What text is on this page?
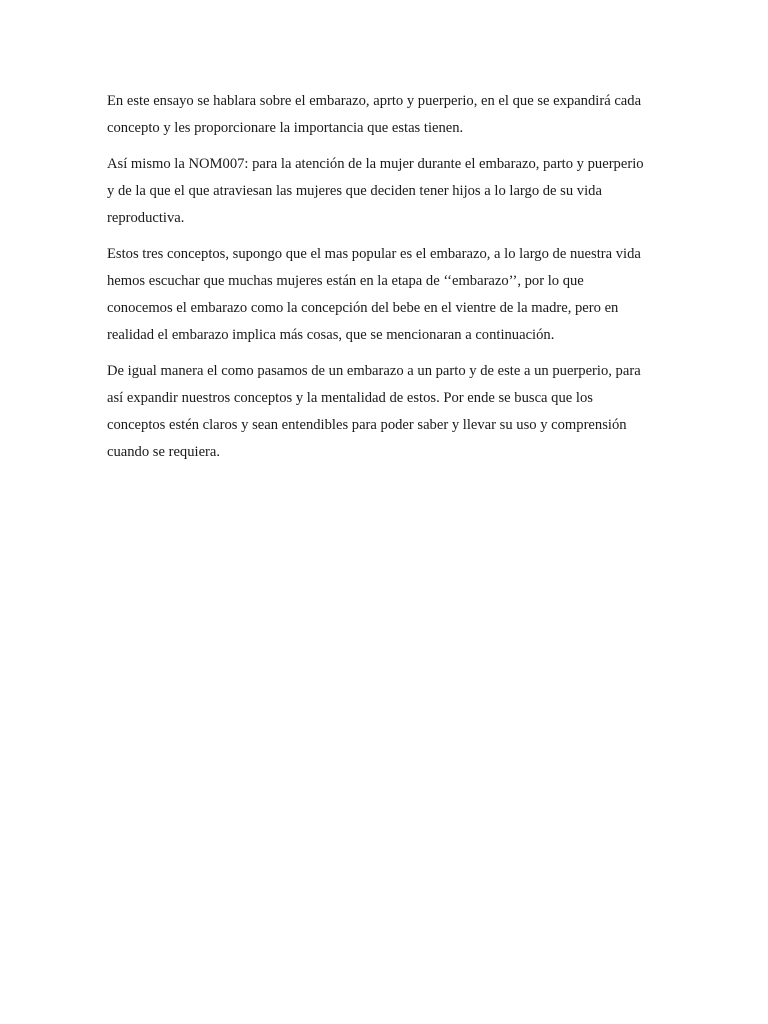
En este ensayo se hablara sobre el embarazo, aprto y puerperio, en el que se expandirá cada
concepto y les proporcionare la importancia que estas tienen.

Así mismo la NOM007: para la atención de la mujer durante el embarazo, parto y puerperio
y de la que el que atraviesan las mujeres que deciden tener hijos a lo largo de su vida
reproductiva.

Estos tres conceptos, supongo que el mas popular es el embarazo, a lo largo de nuestra vida
hemos escuchar que muchas mujeres están en la etapa de ‘‘embarazo’’, por lo que
conocemos el embarazo como la concepción del bebe en el vientre de la madre, pero en
realidad el embarazo implica más cosas, que se mencionaran a continuación.

De igual manera el como pasamos de un embarazo a un parto y de este a un puerperio, para
así expandir nuestros conceptos y la mentalidad de estos. Por ende se busca que los
conceptos estén claros y sean entendibles para poder saber y llevar su uso y comprensión
cuando se requiera.
